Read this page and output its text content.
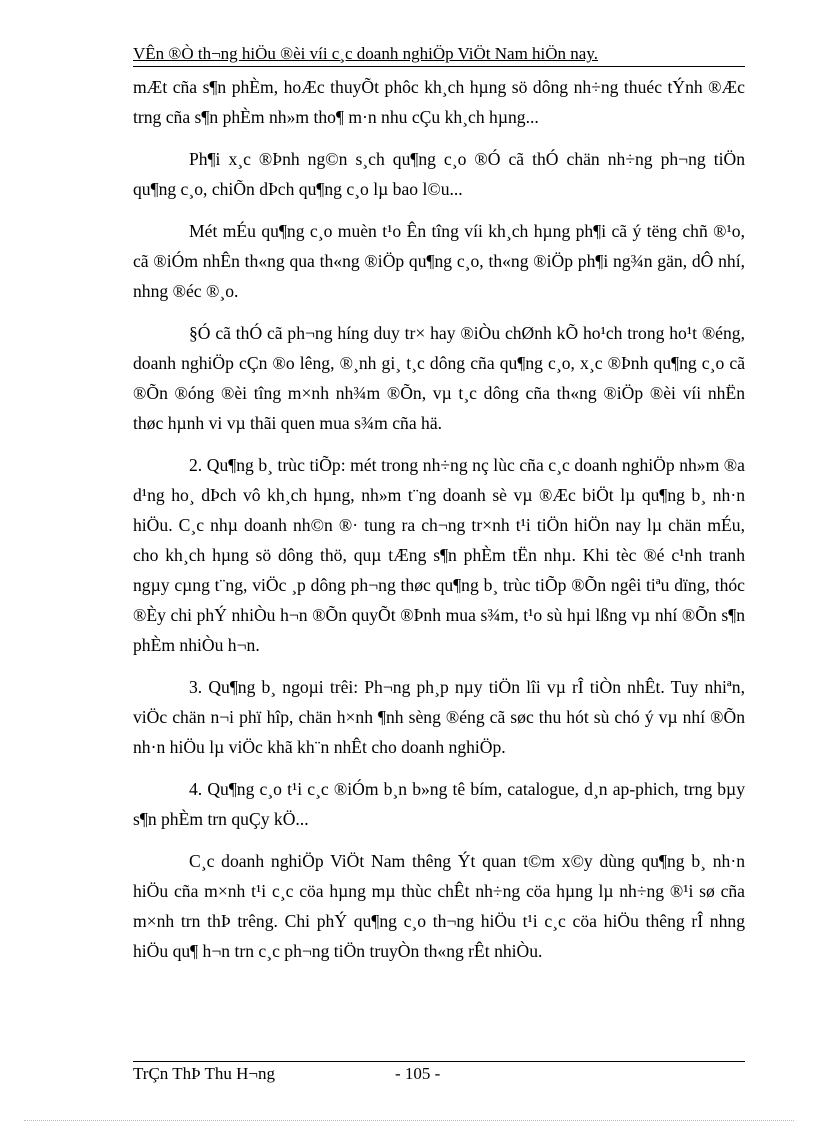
VÊn ®Ò th¬ng hiÖu ®èi víi c¸c doanh nghiÖp ViÖt Nam hiÖn nay.

mÆt cña s¶n phÈm, hoÆc thuyÕt phôc kh¸ch hµng sö dông nh÷ng thuéc tÝnh ®Æc trng cña s¶n phÈm nh»m tho¶ m·n nhu cÇu kh¸ch hµng...

Ph¶i x¸c ®Þnh ng©n s¸ch qu¶ng c¸o ®Ó cã thÓ chän nh÷ng ph¬ng tiÖn qu¶ng c¸o, chiÕn dÞch qu¶ng c¸o lµ bao l©u...

Mét mÉu qu¶ng c¸o muèn t¹o Ên tîng víi kh¸ch hµng ph¶i cã ý tëng chñ ®¹o, cã ®iÓm nhÊn th«ng qua th«ng ®iÖp qu¶ng c¸o, th«ng ®iÖp ph¶i ng¾n gän, dÔ nhí, nhng ®éc ®¸o.

§Ó cã thÓ cã ph¬ng híng duy tr× hay ®iÒu chØnh kÕ ho¹ch trong ho¹t ®éng, doanh nghiÖp cÇn ®o lêng, ®¸nh gi¸ t¸c dông cña qu¶ng c¸o, x¸c ®Þnh qu¶ng c¸o cã ®Õn ®óng ®èi tîng m×nh nh¾m ®Õn, vµ t¸c dông cña th«ng ®iÖp ®èi víi nhËn thøc hµnh vi vµ thãi quen mua s¾m cña hä.

2. Qu¶ng b¸ trùc tiÕp: mét trong nh÷ng nç lùc cña c¸c doanh nghiÖp nh»m ®a d¹ng ho¸ dÞch vô kh¸ch hµng, nh»m t¨ng doanh sè vµ ®Æc biÖt lµ qu¶ng b¸ nh·n hiÖu. C¸c nhµ doanh nh©n ®· tung ra ch¬ng tr×nh t¹i tiÖn hiÖn nay lµ chän mÉu, cho kh¸ch hµng sö dông thö, quµ tÆng s¶n phÈm tËn nhµ. Khi tèc ®é c¹nh tranh ngµy cµng t¨ng, viÖc ¸p dông ph¬ng thøc qu¶ng b¸ trùc tiÕp ®Õn ngêi tiªu dïng, thóc ®Èy chi phÝ nhiÒu h¬n ®Õn quyÕt ®Þnh mua s¾m, t¹o sù hµi lßng vµ nhí ®Õn s¶n phÈm nhiÒu h¬n.

3. Qu¶ng b¸ ngoµi trêi: Ph¬ng ph¸p nµy tiÖn lîi vµ rÎ tiÒn nhÊt. Tuy nhiªn, viÖc chän n¬i phï hîp, chän h×nh ¶nh sèng ®éng cã søc thu hót sù chó ý vµ nhí ®Õn nh·n hiÖu lµ viÖc khã kh¨n nhÊt cho doanh nghiÖp.

4. Qu¶ng c¸o t¹i c¸c ®iÓm b¸n b»ng tê bím, catalogue, d¸n ap-phich, trng bµy s¶n phÈm trn quÇy kÖ...

C¸c doanh nghiÖp ViÖt Nam thêng Ýt quan t©m x©y dùng qu¶ng b¸ nh·n hiÖu cña m×nh t¹i c¸c cöa hµng mµ thùc chÊt nh÷ng cöa hµng lµ nh÷ng ®¹i sø cña m×nh trn thÞ trêng. Chi phÝ qu¶ng c¸o th¬ng hiÖu t¹i c¸c cöa hiÖu thêng rÎ nhng hiÖu qu¶ h¬n trn c¸c ph¬ng tiÖn truyÒn th«ng rÊt nhiÒu.

TrÇn ThÞ Thu H¬ng	- 105 -
